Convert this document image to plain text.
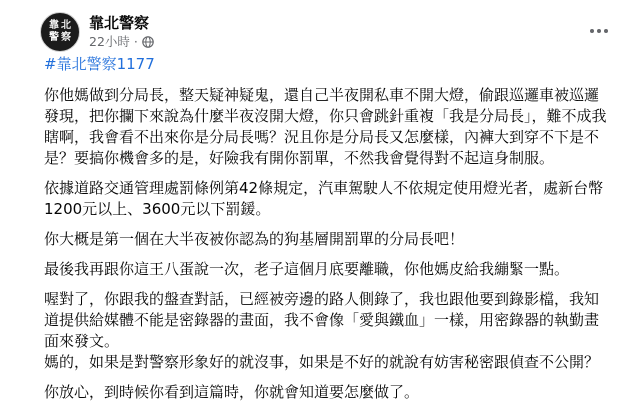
靠 北
警 察
靠北警察
22小時 ·
#靠北警察1177

你他媽做到分局長，整天疑神疑鬼，還自己半夜開私車不開大燈，偷跟巡邏車被巡邏發現，把你攔下來說為什麼半夜沒開大燈，你只會跳針重複「我是分局長」，難不成我瞎啊，我會看不出來你是分局長嗎？況且你是分局長又怎麼樣，內褲大到穿不下是不是？要搞你機會多的是，好險我有開你罰單，不然我會覺得對不起這身制服。

依據道路交通管理處罰條例第42條規定，汽車駕駛人不依規定使用燈光者，處新台幣1200元以上、3600元以下罰鍰。

你大概是第一個在大半夜被你認為的狗基層開罰單的分局長吧！

最後我再跟你這王八蛋說一次，老子這個月底要離職，你他媽皮給我繃緊一點。

喔對了，你跟我的盤查對話，已經被旁邊的路人側錄了，我也跟他要到錄影檔，我知道提供給媒體不能是密錄器的畫面，我不會像「愛與鐵血」一樣，用密錄器的執勤畫面來發文。

媽的，如果是對警察形象好的就沒事，如果是不好的就說有妨害秘密跟偵查不公開？

你放心，到時候你看到這篇時，你就會知道要怎麼做了。
